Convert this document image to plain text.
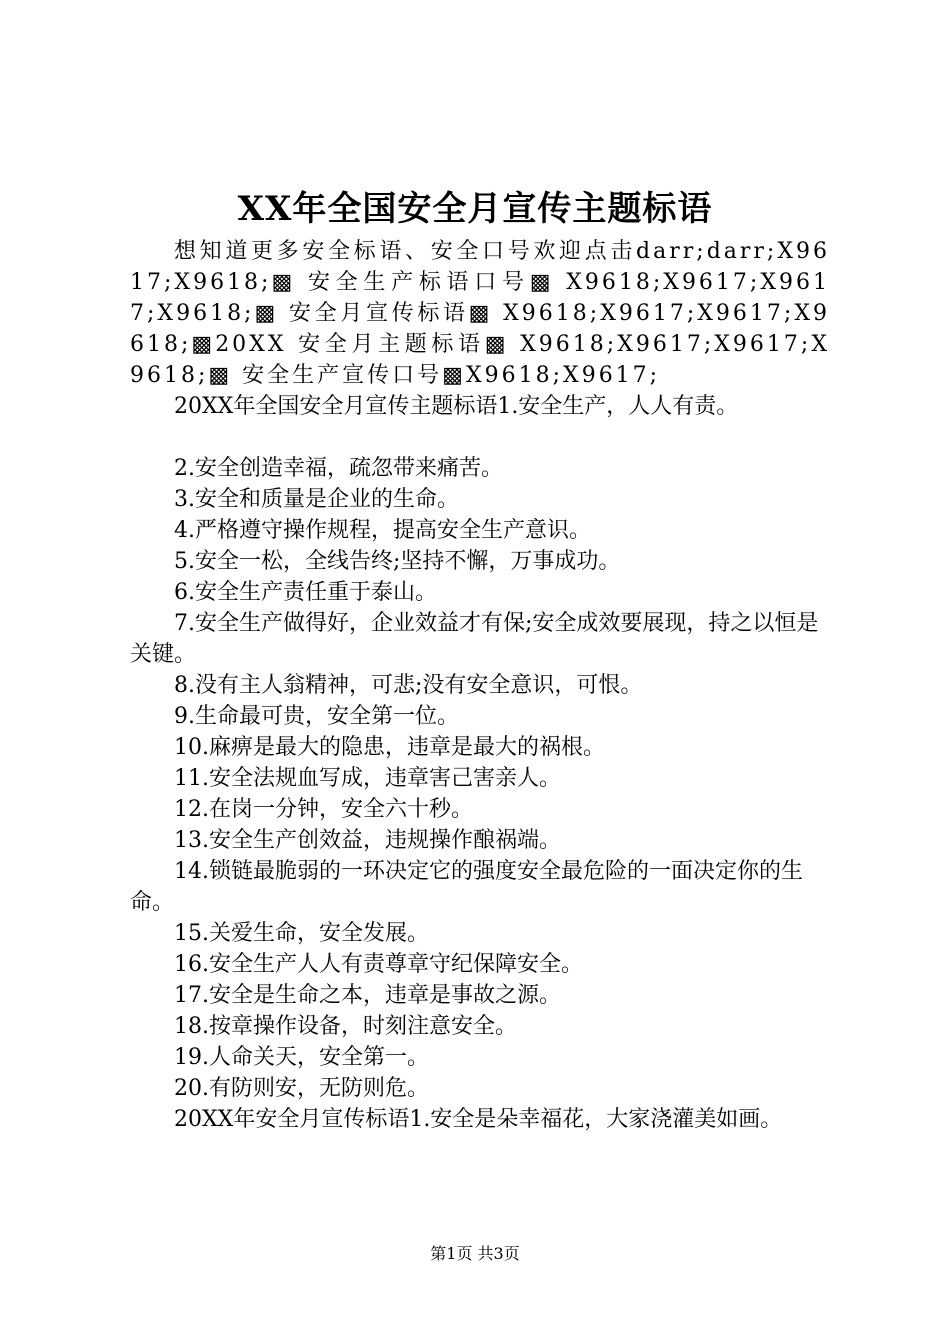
XX年全国安全月宣传主题标语

想知道更多安全标语、安全口号欢迎点击darr;darr;X9617;X9618;▩ 安全生产标语口号▩ X9618;X9617;X9617;X9618;▩ 安全月宣传标语▩ X9618;X9617;X9617;X9618;▩20XX 安全月主题标语▩ X9618;X9617;X9617;X9618;▩ 安全生产宣传口号▩X9618;X9617;

20XX年全国安全月宣传主题标语1.安全生产，人人有责。

2.安全创造幸福，疏忽带来痛苦。

3.安全和质量是企业的生命。

4.严格遵守操作规程，提高安全生产意识。

5.安全一松，全线告终;坚持不懈，万事成功。

6.安全生产责任重于泰山。

7.安全生产做得好，企业效益才有保;安全成效要展现，持之以恒是关键。

8.没有主人翁精神，可悲;没有安全意识，可恨。

9.生命最可贵，安全第一位。

10.麻痹是最大的隐患，违章是最大的祸根。

11.安全法规血写成，违章害己害亲人。

12.在岗一分钟，安全六十秒。

13.安全生产创效益，违规操作酿祸端。

14.锁链最脆弱的一环决定它的强度安全最危险的一面决定你的生命。

15.关爱生命，安全发展。

16.安全生产人人有责尊章守纪保障安全。

17.安全是生命之本，违章是事故之源。

18.按章操作设备，时刻注意安全。

19.人命关天，安全第一。

20.有防则安，无防则危。

20XX年安全月宣传标语1.安全是朵幸福花，大家浇灌美如画。

第1页 共3页
